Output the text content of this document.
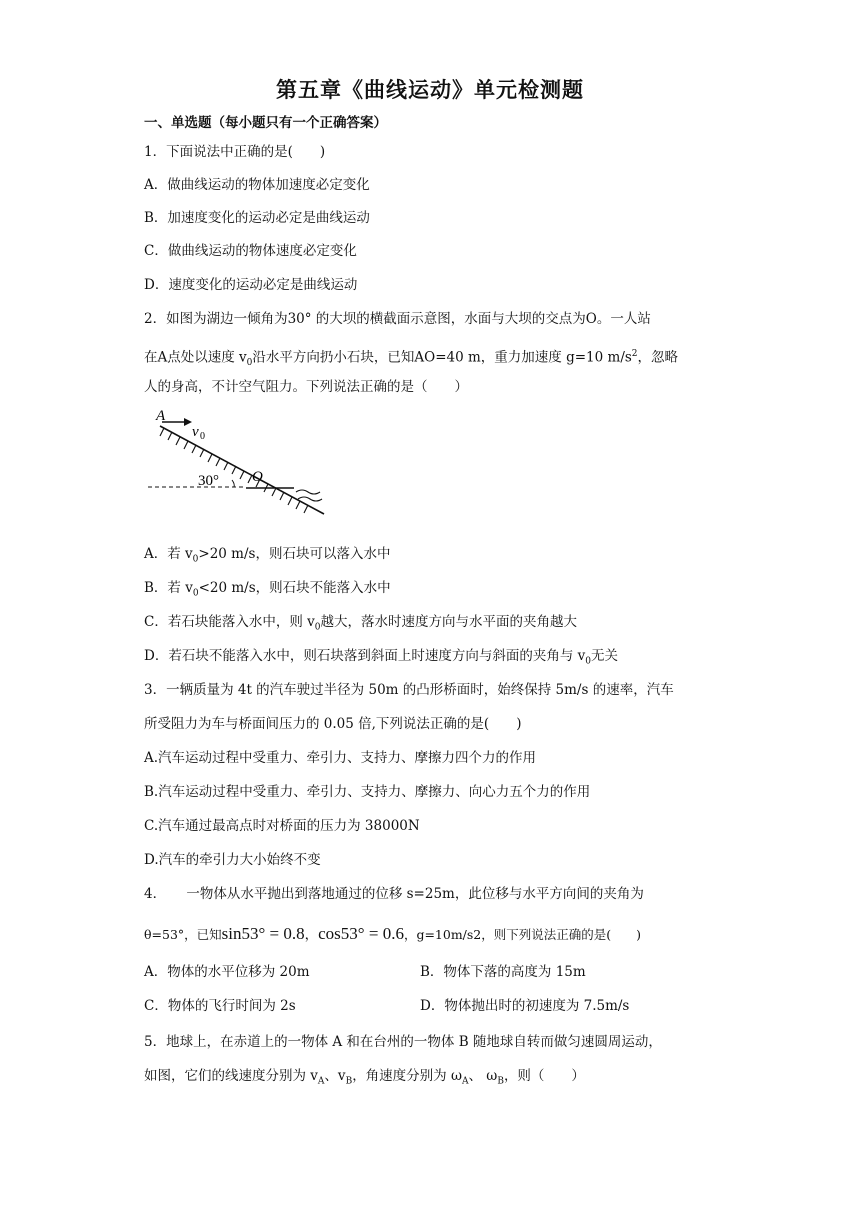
第五章《曲线运动》单元检测题
一、单选题（每小题只有一个正确答案）
1．下面说法中正确的是(　　)
A．做曲线运动的物体加速度必定变化
B．加速度变化的运动必定是曲线运动
C．做曲线运动的物体速度必定变化
D．速度变化的运动必定是曲线运动
2．如图为湖边一倾角为30° 的大坝的横截面示意图，水面与大坝的交点为O。一人站
在A点处以速度 $v_0$沿水平方向扔小石块，已知AO=40 m，重力加速度 g=10 $m/s^2$，忽略
人的身高，不计空气阻力。下列说法正确的是（　　）
A
v 0
30° O
A．若 $v_0>20$ m/s，则石块可以落入水中
B．若 $v_0<20$ m/s，则石块不能落入水中
C．若石块能落入水中，则 $v_0$越大，落水时速度方向与水平面的夹角越大
D．若石块不能落入水中，则石块落到斜面上时速度方向与斜面的夹角与 $v_0$无关
3．一辆质量为 4t 的汽车驶过半径为 50m 的凸形桥面时，始终保持 5m/s 的速率，汽车
所受阻力为车与桥面间压力的 0.05 倍,下列说法正确的是(　　)
A.汽车运动过程中受重力、牵引力、支持力、摩擦力四个力的作用
B.汽车运动过程中受重力、牵引力、支持力、摩擦力、向心力五个力的作用
C.汽车通过最高点时对桥面的压力为 38000N
D.汽车的牵引力大小始终不变
4．　　一物体从水平抛出到落地通过的位移 s=25m，此位移与水平方向间的夹角为
θ=53°，已知sin53° = 0.8，cos53° = 0.6，g=10m/s2，则下列说法正确的是(　　)
A．物体的水平位移为 20m	B．物体下落的高度为 15m
C．物体的飞行时间为 2s	D．物体抛出时的初速度为 7.5m/s
5．地球上，在赤道上的一物体 A 和在台州的一物体 B 随地球自转而做匀速圆周运动，
如图，它们的线速度分别为 $v_A$、$v_B$，角速度分别为 $\omega_A$、 $\omega_B$，则（　　）
